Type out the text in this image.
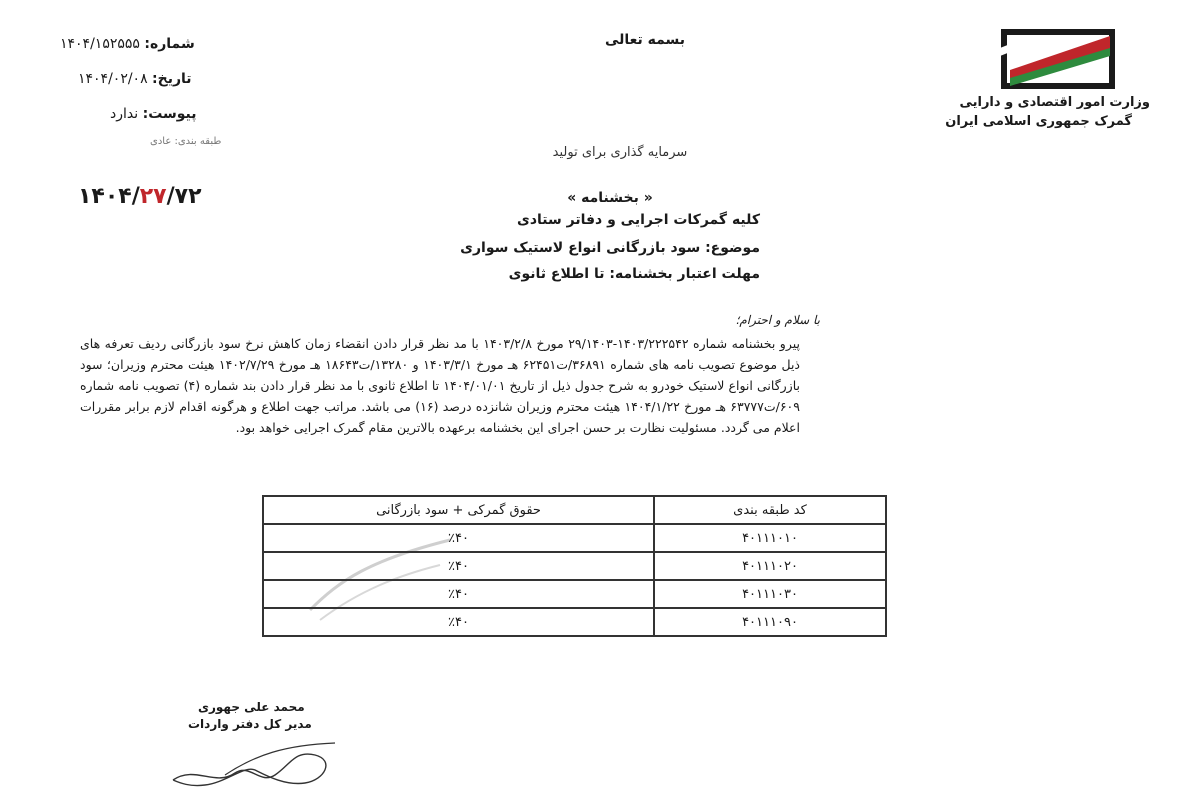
وزارت امور اقتصادی و دارایی
گمرک جمهوری اسلامی ایران
بسمه تعالی
سرمایه گذاری برای تولید
« بخشنامه »
شماره: ۱۴۰۴/۱۵۲۵۵۵
تاریخ: ۱۴۰۴/۰۲/۰۸
پیوست: ندارد
طبقه بندی: عادی
۱۴۰۴/۲۷/۷۲
کلیه گمرکات اجرایی و دفاتر ستادی
موضوع: سود بازرگانی انواع لاستیک سواری
مهلت اعتبار بخشنامه: تا اطلاع ثانوی
با سلام و احترام؛
پیرو بخشنامه شماره ۱۴۰۳/۲۲۲۵۴۲-۲۹/۱۴۰۳ مورخ ۱۴۰۳/۲/۸ با مد نظر قرار دادن انقضاء زمان کاهش نرخ سود بازرگانی ردیف تعرفه های ذیل موضوع تصویب نامه های شماره ۳۶۸۹۱/ت۶۲۴۵۱ هـ مورخ ۱۴۰۳/۳/۱ و ۱۳۲۸۰/ت۱۸۶۴۳ هـ مورخ ۱۴۰۲/۷/۲۹ هیئت محترم وزیران؛ سود بازرگانی انواع لاستیک خودرو به شرح جدول ذیل از تاریخ ۱۴۰۴/۰۱/۰۱ تا اطلاع ثانوی با مد نظر قرار دادن بند شماره (۴) تصویب نامه شماره ۶۰۹/ت۶۳۷۷۷ هـ مورخ ۱۴۰۴/۱/۲۲ هیئت محترم وزیران شانزده درصد (۱۶) می باشد. مراتب جهت اطلاع و هرگونه اقدام لازم برابر مقررات اعلام می گردد. مسئولیت نظارت بر حسن اجرای این بخشنامه برعهده بالاترین مقام گمرک اجرایی خواهد بود.
کد طبقه بندی	حقوق گمرکی + سود بازرگانی
۴۰۱۱۱۰۱۰	٪۴۰
۴۰۱۱۱۰۲۰	٪۴۰
۴۰۱۱۱۰۳۰	٪۴۰
۴۰۱۱۱۰۹۰	٪۴۰
محمد علی جهوری
مدیر کل دفتر واردات
